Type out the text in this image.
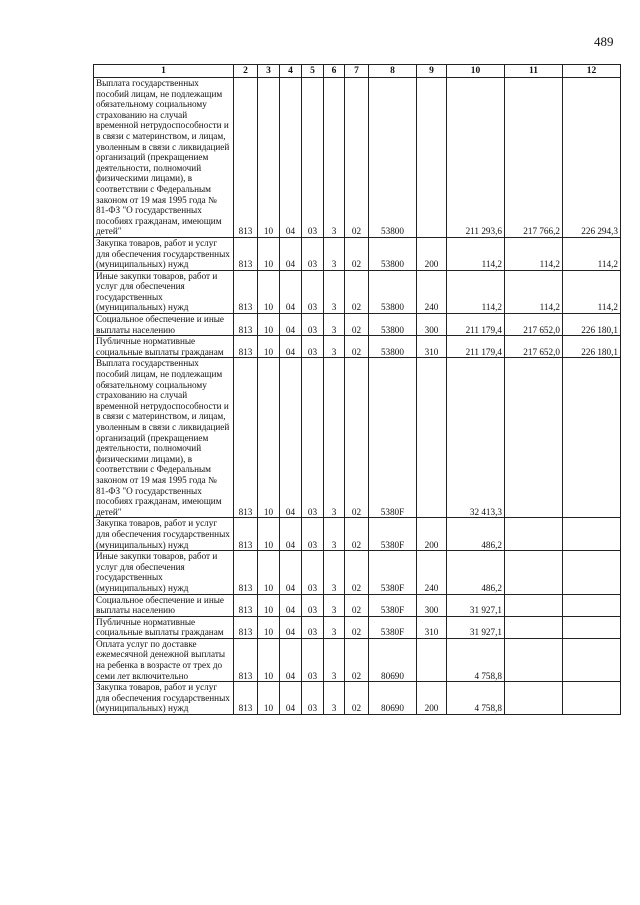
489
1	2	3	4	5	6	7	8	9	10	11	12
Выплата государственных пособий лицам, не подлежащим обязательному социальному страхованию на случай временной нетрудоспособности и в связи с материнством, и лицам, уволенным в связи с ликвидацией организаций (прекращением деятельности, полномочий физическими лицами), в соответствии с Федеральным законом от 19 мая 1995 года № 81-ФЗ "О государственных пособиях гражданам, имеющим детей"	813	10	04	03	3	02	53800		211 293,6	217 766,2	226 294,3
Закупка товаров, работ и услуг для обеспечения государственных (муниципальных) нужд	813	10	04	03	3	02	53800	200	114,2	114,2	114,2
Иные закупки товаров, работ и услуг для обеспечения государственных (муниципальных) нужд	813	10	04	03	3	02	53800	240	114,2	114,2	114,2
Социальное обеспечение и иные выплаты населению	813	10	04	03	3	02	53800	300	211 179,4	217 652,0	226 180,1
Публичные нормативные социальные выплаты гражданам	813	10	04	03	3	02	53800	310	211 179,4	217 652,0	226 180,1
Выплата государственных пособий лицам, не подлежащим обязательному социальному страхованию на случай временной нетрудоспособности и в связи с материнством, и лицам, уволенным в связи с ликвидацией организаций (прекращением деятельности, полномочий физическими лицами), в соответствии с Федеральным законом от 19 мая 1995 года № 81-ФЗ "О государственных пособиях гражданам, имеющим детей"	813	10	04	03	3	02	5380F		32 413,3		
Закупка товаров, работ и услуг для обеспечения государственных (муниципальных) нужд	813	10	04	03	3	02	5380F	200	486,2		
Иные закупки товаров, работ и услуг для обеспечения государственных (муниципальных) нужд	813	10	04	03	3	02	5380F	240	486,2		
Социальное обеспечение и иные выплаты населению	813	10	04	03	3	02	5380F	300	31 927,1		
Публичные нормативные социальные выплаты гражданам	813	10	04	03	3	02	5380F	310	31 927,1		
Оплата услуг по доставке ежемесячной денежной выплаты на ребенка в возрасте от трех до семи лет включительно	813	10	04	03	3	02	80690		4 758,8		
Закупка товаров, работ и услуг для обеспечения государственных (муниципальных) нужд	813	10	04	03	3	02	80690	200	4 758,8		
